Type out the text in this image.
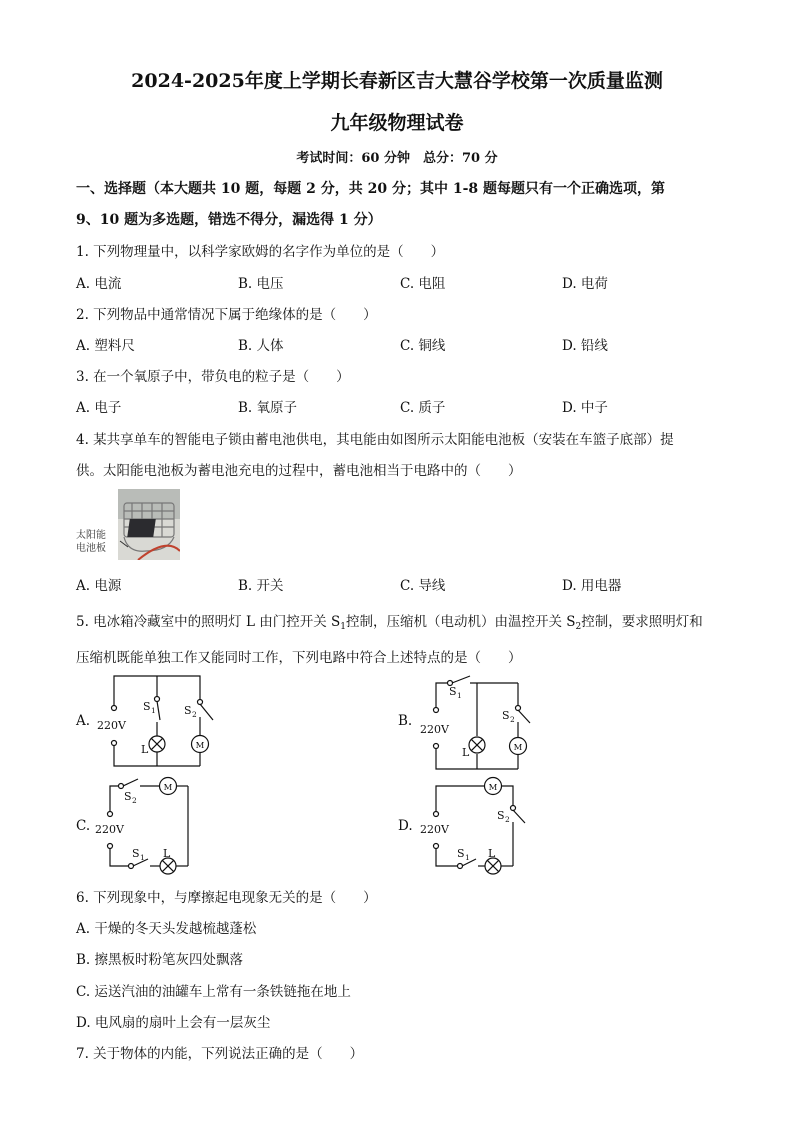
2024-2025年度上学期长春新区吉大慧谷学校第一次质量监测
九年级物理试卷
考试时间：60 分钟　总分：70 分
一、选择题（本大题共 10 题，每题 2 分，共 20 分；其中 1-8 题每题只有一个正确选项，第
9、10 题为多选题，错选不得分，漏选得 1 分）
1. 下列物理量中，以科学家欧姆的名字作为单位的是（　　）
A. 电流	B. 电压	C. 电阻	D. 电荷
2. 下列物品中通常情况下属于绝缘体的是（　　）
A. 塑料尺	B. 人体	C. 铜线	D. 铅线
3. 在一个氧原子中，带负电的粒子是（　　）
A. 电子	B. 氧原子	C. 质子	D. 中子
4. 某共享单车的智能电子锁由蓄电池供电，其电能由如图所示太阳能电池板（安装在车篮子底部）提
供。太阳能电池板为蓄电池充电的过程中，蓄电池相当于电路中的（　　）
太阳能
电池板
A. 电源	B. 开关	C. 导线	D. 用电器
5. 电冰箱冷藏室中的照明灯 L 由门控开关 $S_1$控制，压缩机（电动机）由温控开关 $S_2$控制，要求照明灯和
压缩机既能单独工作又能同时工作，下列电路中符合上述特点的是（　　）
A.	B.
C.	D.
M	M
M	M
220V
S 1	S 2
L
220V
S 1
S 2
L
220V
S 2
S 1 L
220V
S 2
S 1 L
6. 下列现象中，与摩擦起电现象无关的是（　　）
A. 干燥的冬天头发越梳越蓬松
B. 擦黑板时粉笔灰四处飘落
C. 运送汽油的油罐车上常有一条铁链拖在地上
D. 电风扇的扇叶上会有一层灰尘
7. 关于物体的内能，下列说法正确的是（　　）
